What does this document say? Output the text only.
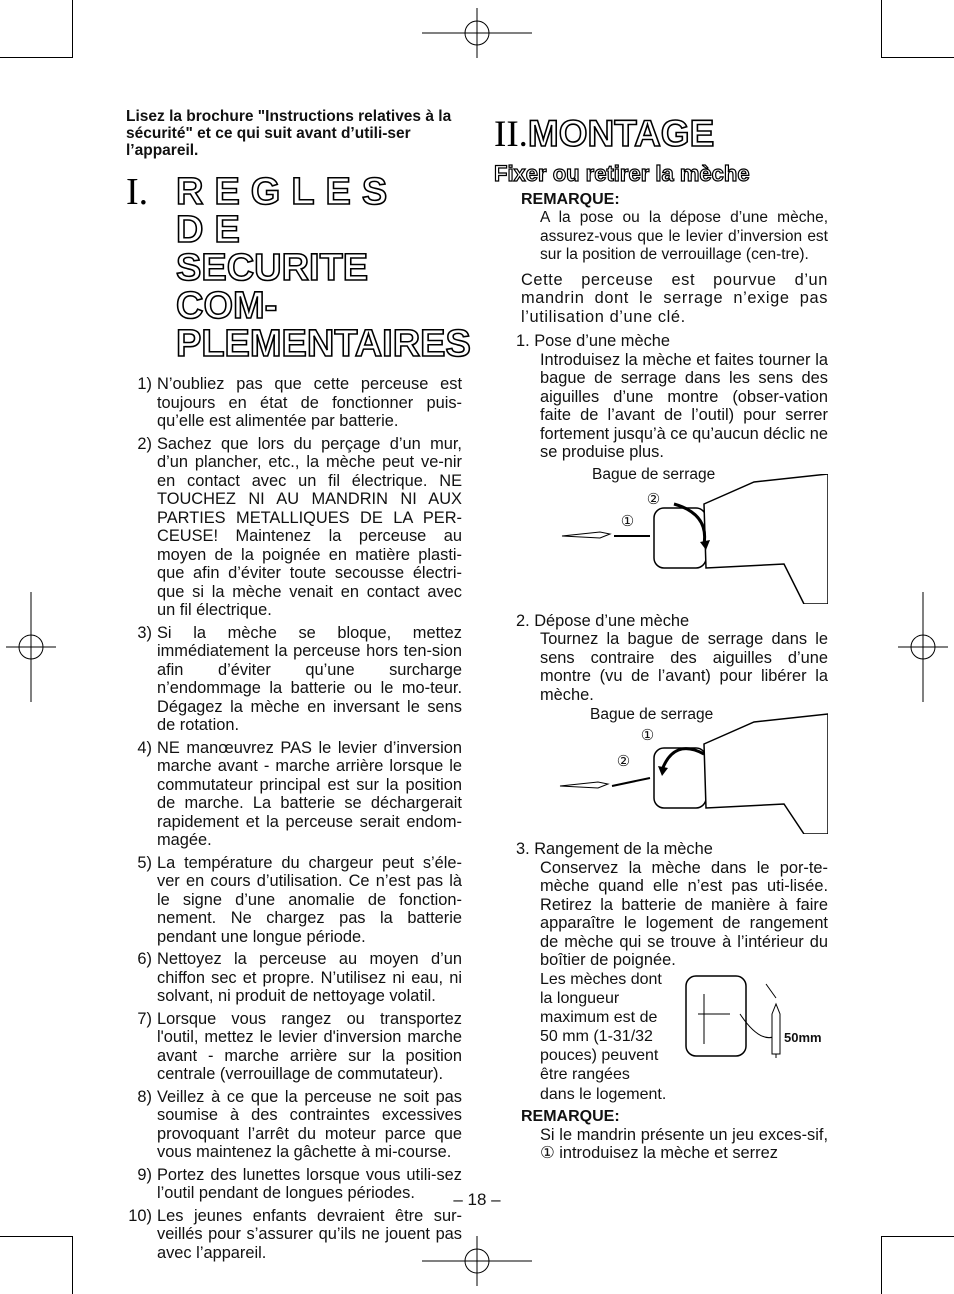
Lisez la brochure "Instructions relatives à la sécurité" et ce qui suit avant d’utili-ser l’appareil.

I. REGLES DE
SECURITE COM-
PLEMENTAIRES
1) N’oubliez pas que cette perceuse est toujours en état de fonctionner puis-qu’elle est alimentée par batterie.
2) Sachez que lors du perçage d’un mur, d’un plancher, etc., la mèche peut ve-nir en contact avec un fil électrique. NE TOUCHEZ NI AU MANDRIN NI AUX PARTIES METALLIQUES DE LA PER-CEUSE! Maintenez la perceuse au moyen de la poignée en matière plasti-que afin d’éviter toute secousse électri-que si la mèche venait en contact avec un fil électrique.
3) Si la mèche se bloque, mettez immédiatement la perceuse hors ten-sion afin d’éviter qu’une surcharge n’endommage la batterie ou le mo-teur. Dégagez la mèche en inversant le sens de rotation.
4) NE manœuvrez PAS le levier d’inversion marche avant - marche arrière lorsque le commutateur principal est sur la position de marche. La batterie se déchargerait rapidement et la perceuse serait endom-magée.
5) La température du chargeur peut s’éle-ver en cours d’utilisation. Ce n’est pas là le signe d’une anomalie de fonction-nement. Ne chargez pas la batterie pendant une longue période.
6) Nettoyez la perceuse au moyen d’un chiffon sec et propre. N’utilisez ni eau, ni solvant, ni produit de nettoyage volatil.
7) Lorsque vous rangez ou transportez l'outil, mettez le levier d'inversion marche avant - marche arrière sur la position centrale (verrouillage de commutateur).
8) Veillez à ce que la perceuse ne soit pas soumise à des contraintes excessives provoquant l’arrêt du moteur parce que vous maintenez la gâchette à mi-course.
9) Portez des lunettes lorsque vous utili-sez l’outil pendant de longues périodes.
10) Les jeunes enfants devraient être sur-veillés pour s’assurer qu’ils ne jouent pas avec l’appareil.
II.MONTAGE
Fixer ou retirer la mèche
REMARQUE:
A la pose ou la dépose d’une mèche, assurez-vous que le levier d’inversion est sur la position de verrouillage (cen-tre).
Cette perceuse est pourvue d’un mandrin dont le serrage n’exige pas l’utilisation d’une clé.
1. Pose d’une mèche
Introduisez la mèche et faites tourner la bague de serrage dans les sens des aiguilles d’une montre (obser-vation faite de l’avant de l’outil) pour serrer fortement jusqu’à ce qu’aucun déclic ne se produise plus.
Bague de serrage
②
①
2. Dépose d’une mèche
Tournez la bague de serrage dans le sens contraire des aiguilles d’une montre (vu de l’avant) pour libérer la mèche.
Bague de serrage
①
②
3. Rangement de la mèche
Conservez la mèche dans le por-te-mèche quand elle n’est pas uti-lisée. Retirez la batterie de manière à faire apparaître le logement de rangement de mèche qui se trouve à l’intérieur du boîtier de poignée.
Les mèches dont la longueur maximum est de 50 mm (1-31/32 pouces) peuvent être rangées
dans le logement.
50mm
REMARQUE:
Si le mandrin présente un jeu exces-sif, ① introduisez la mèche et serrez
– 18 –
